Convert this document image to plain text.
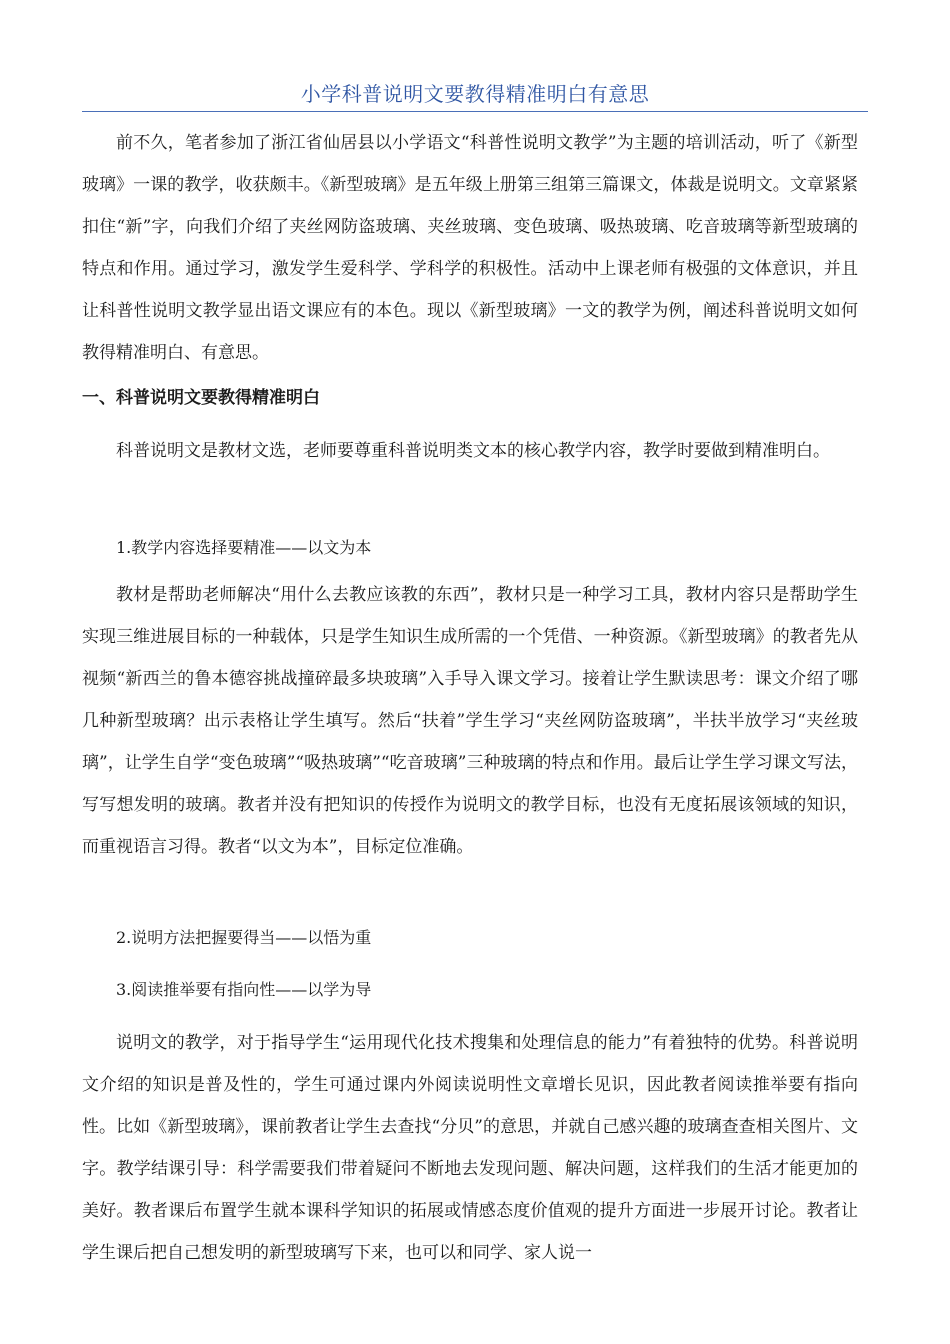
小学科普说明文要教得精准明白有意思

前不久，笔者参加了浙江省仙居县以小学语文“科普性说明文教学”为主题的培训活动，听了《新型玻璃》一课的教学，收获颇丰。《新型玻璃》是五年级上册第三组第三篇课文，体裁是说明文。文章紧紧扣住“新”字，向我们介绍了夹丝网防盗玻璃、夹丝玻璃、变色玻璃、吸热玻璃、吃音玻璃等新型玻璃的特点和作用。通过学习，激发学生爱科学、学科学的积极性。活动中上课老师有极强的文体意识，并且让科普性说明文教学显出语文课应有的本色。现以《新型玻璃》一文的教学为例，阐述科普说明文如何教得精准明白、有意思。

一、科普说明文要教得精准明白

科普说明文是教材文选，老师要尊重科普说明类文本的核心教学内容，教学时要做到精准明白。

1.教学内容选择要精准——以文为本

教材是帮助老师解决“用什么去教应该教的东西”，教材只是一种学习工具，教材内容只是帮助学生实现三维进展目标的一种载体，只是学生知识生成所需的一个凭借、一种资源。《新型玻璃》的教者先从视频“新西兰的鲁本德容挑战撞碎最多块玻璃”入手导入课文学习。接着让学生默读思考：课文介绍了哪几种新型玻璃？出示表格让学生填写。然后“扶着”学生学习“夹丝网防盗玻璃”，半扶半放学习“夹丝玻璃”，让学生自学“变色玻璃”“吸热玻璃”“吃音玻璃”三种玻璃的特点和作用。最后让学生学习课文写法，写写想发明的玻璃。教者并没有把知识的传授作为说明文的教学目标，也没有无度拓展该领域的知识，而重视语言习得。教者“以文为本”，目标定位准确。

2.说明方法把握要得当——以悟为重
3.阅读推举要有指向性——以学为导

说明文的教学，对于指导学生“运用现代化技术搜集和处理信息的能力”有着独特的优势。科普说明文介绍的知识是普及性的，学生可通过课内外阅读说明性文章增长见识，因此教者阅读推举要有指向性。比如《新型玻璃》，课前教者让学生去查找“分贝”的意思，并就自己感兴趣的玻璃查查相关图片、文字。教学结课引导：科学需要我们带着疑问不断地去发现问题、解决问题，这样我们的生活才能更加的美好。教者课后布置学生就本课科学知识的拓展或情感态度价值观的提升方面进一步展开讨论。教者让学生课后把自己想发明的新型玻璃写下来，也可以和同学、家人说一
